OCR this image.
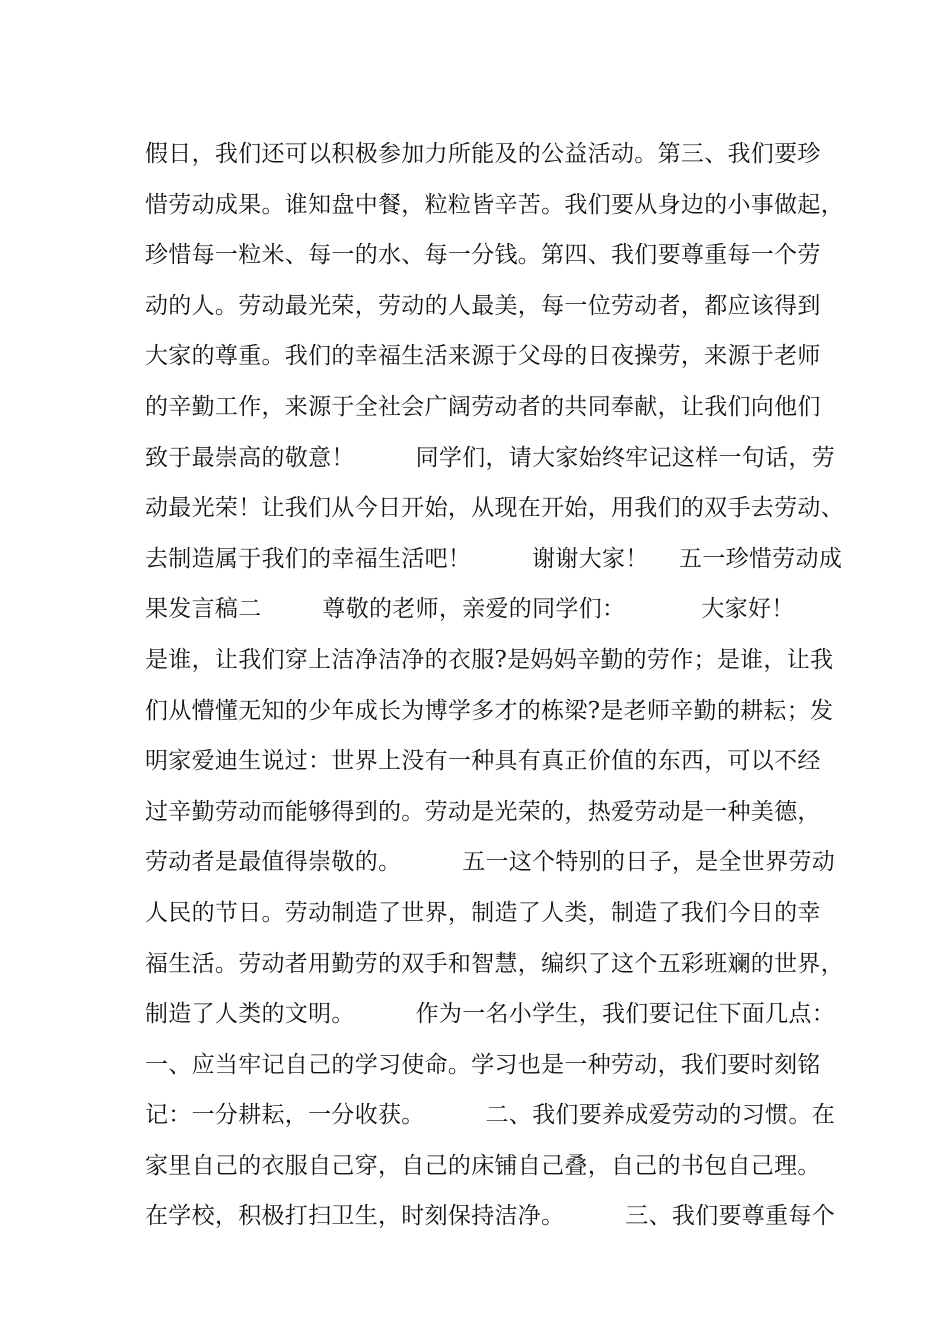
假日，我们还可以积极参加力所能及的公益活动。第三、我们要珍
惜劳动成果。谁知盘中餐，粒粒皆辛苦。我们要从身边的小事做起，
珍惜每一粒米、每一的水、每一分钱。第四、我们要尊重每一个劳
动的人。劳动最光荣，劳动的人最美，每一位劳动者，都应该得到
大家的尊重。我们的幸福生活来源于父母的日夜操劳，来源于老师
的辛勤工作，来源于全社会广阔劳动者的共同奉献，让我们向他们
致于最崇高的敬意！        同学们，请大家始终牢记这样一句话，劳
动最光荣！让我们从今日开始，从现在开始，用我们的双手去劳动、
去制造属于我们的幸福生活吧！        谢谢大家！    五一珍惜劳动成
果发言稿二        尊敬的老师，亲爱的同学们：          大家好！
是谁，让我们穿上洁净洁净的衣服?是妈妈辛勤的劳作；是谁，让我
们从懵懂无知的少年成长为博学多才的栋梁?是老师辛勤的耕耘；发
明家爱迪生说过：世界上没有一种具有真正价值的东西，可以不经
过辛勤劳动而能够得到的。劳动是光荣的，热爱劳动是一种美德，
劳动者是最值得崇敬的。        五一这个特别的日子，是全世界劳动
人民的节日。劳动制造了世界，制造了人类，制造了我们今日的幸
福生活。劳动者用勤劳的双手和智慧，编织了这个五彩班斓的世界，
制造了人类的文明。        作为一名小学生，我们要记住下面几点：
一、应当牢记自己的学习使命。学习也是一种劳动，我们要时刻铭
记：一分耕耘，一分收获。        二、我们要养成爱劳动的习惯。在
家里自己的衣服自己穿，自己的床铺自己叠，自己的书包自己理。
在学校，积极打扫卫生，时刻保持洁净。        三、我们要尊重每个
